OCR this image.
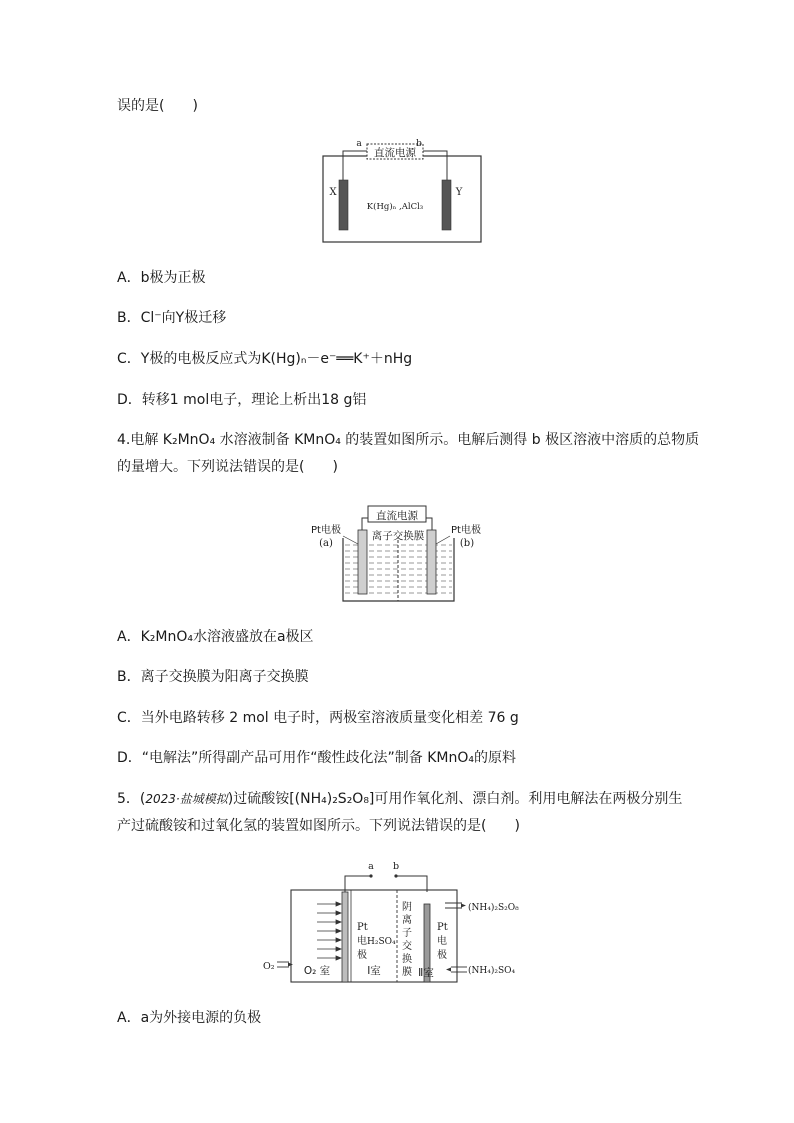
误的是(　　)
直流电源
a	b
X	Y
K(Hg)ₙ ,AlCl₃
A．b极为正极
B．Cl⁻向Y极迁移
C．Y极的电极反应式为K(Hg)ₙ－e⁻══K⁺＋nHg
D．转移1 mol电子，理论上析出18 g铝
4.电解 K₂MnO₄ 水溶液制备 KMnO₄ 的装置如图所示。电解后测得 b 极区溶液中溶质的总物质
的量增大。下列说法错误的是(　　)
直流电源
离子交换膜
Pt电极
(a)
Pt电极
(b)
A．K₂MnO₄水溶液盛放在a极区
B．离子交换膜为阳离子交换膜
C．当外电路转移 2 mol 电子时，两极室溶液质量变化相差 76 g
D．“电解法”所得副产品可用作“酸性歧化法”制备 KMnO₄的原料
5．(2023·盐城模拟)过硫酸铵[(NH₄)₂S₂O₈]可用作氧化剂、漂白剂。利用电解法在两极分别生
产过硫酸铵和过氧化氢的装置如图所示。下列说法错误的是(　　)
a b
O₂	O₂ 室
Pt
电
极
H₂SO₄
Ⅰ室
阴
离
子
交
换
膜
Pt
电
极
Ⅱ室
(NH₄)₂S₂O₈
(NH₄)₂SO₄
A．a为外接电源的负极
